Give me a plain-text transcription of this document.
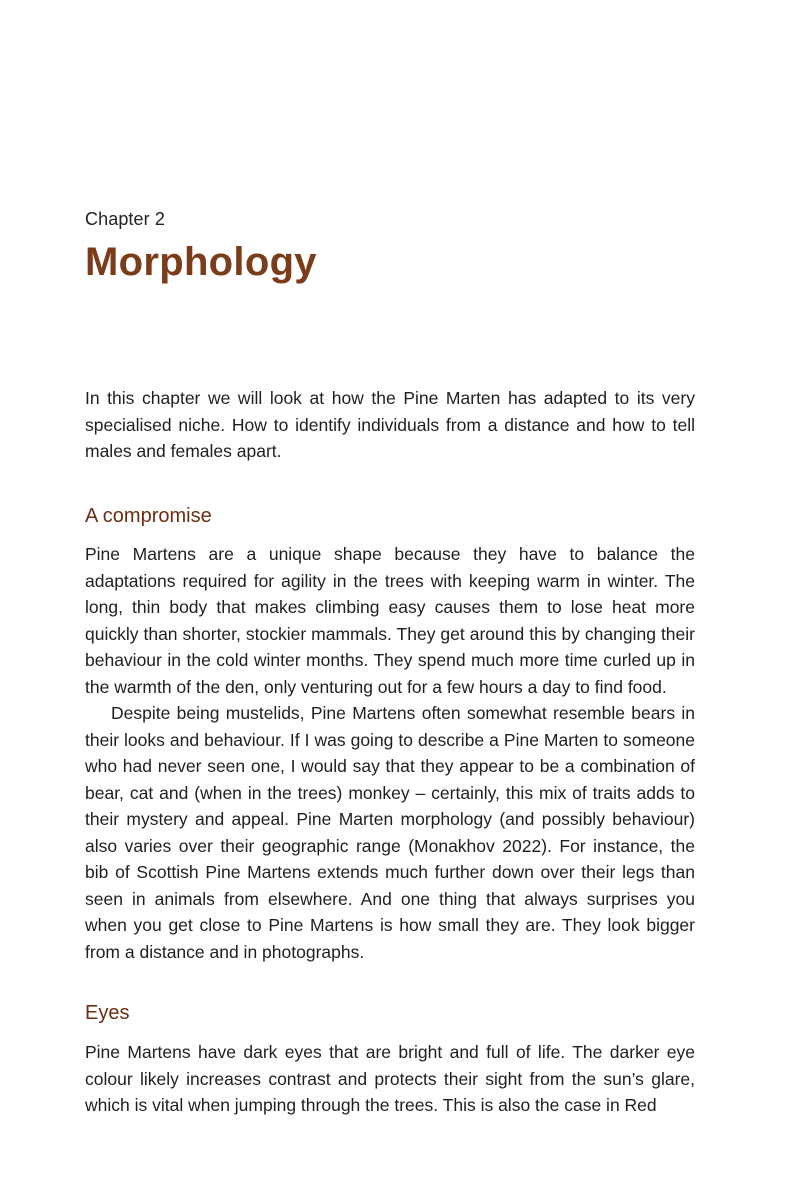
Chapter 2
Morphology

In this chapter we will look at how the Pine Marten has adapted to its very specialised niche. How to identify individuals from a distance and how to tell males and females apart.

A compromise

Pine Martens are a unique shape because they have to balance the adaptations required for agility in the trees with keeping warm in winter. The long, thin body that makes climbing easy causes them to lose heat more quickly than shorter, stockier mammals. They get around this by changing their behaviour in the cold winter months. They spend much more time curled up in the warmth of the den, only venturing out for a few hours a day to find food.

Despite being mustelids, Pine Martens often somewhat resemble bears in their looks and behaviour. If I was going to describe a Pine Marten to someone who had never seen one, I would say that they appear to be a combination of bear, cat and (when in the trees) monkey – certainly, this mix of traits adds to their mystery and appeal. Pine Marten morphology (and possibly behaviour) also varies over their geographic range (Monakhov 2022). For instance, the bib of Scottish Pine Martens extends much further down over their legs than seen in animals from elsewhere. And one thing that always surprises you when you get close to Pine Martens is how small they are. They look bigger from a distance and in photographs.

Eyes

Pine Martens have dark eyes that are bright and full of life. The darker eye colour likely increases contrast and protects their sight from the sun’s glare, which is vital when jumping through the trees. This is also the case in Red
